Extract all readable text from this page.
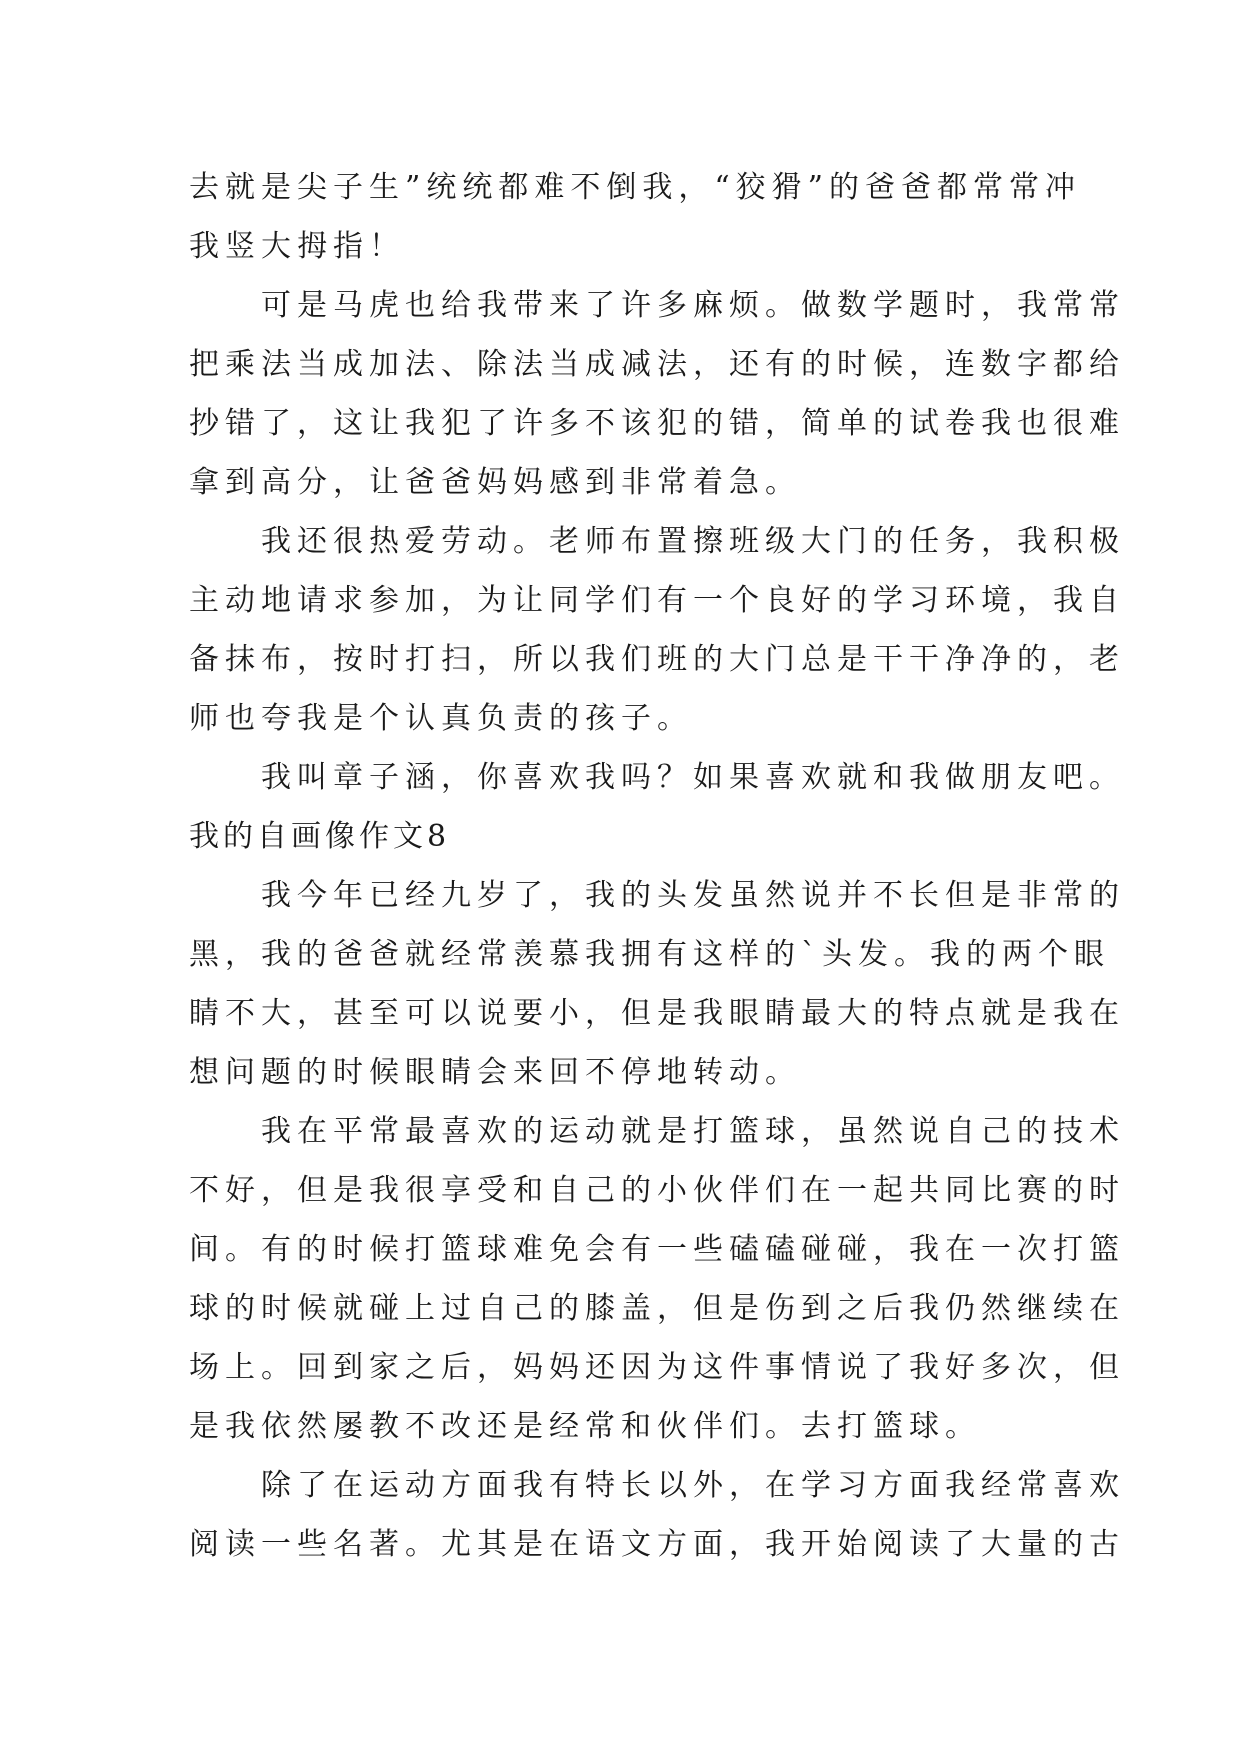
去就是尖子生”统统都难不倒我，“狡猾”的爸爸都常常冲
我竖大拇指！
可是马虎也给我带来了许多麻烦。做数学题时，我常常
把乘法当成加法、除法当成减法，还有的时候，连数字都给
抄错了，这让我犯了许多不该犯的错，简单的试卷我也很难
拿到高分，让爸爸妈妈感到非常着急。
我还很热爱劳动。老师布置擦班级大门的任务，我积极
主动地请求参加，为让同学们有一个良好的学习环境，我自
备抹布，按时打扫，所以我们班的大门总是干干净净的，老
师也夸我是个认真负责的孩子。
我叫章子涵，你喜欢我吗？如果喜欢就和我做朋友吧。
我的自画像作文8
我今年已经九岁了，我的头发虽然说并不长但是非常的
黑，我的爸爸就经常羡慕我拥有这样的`头发。我的两个眼
睛不大，甚至可以说要小，但是我眼睛最大的特点就是我在
想问题的时候眼睛会来回不停地转动。
我在平常最喜欢的运动就是打篮球，虽然说自己的技术
不好，但是我很享受和自己的小伙伴们在一起共同比赛的时
间。有的时候打篮球难免会有一些磕磕碰碰，我在一次打篮
球的时候就碰上过自己的膝盖，但是伤到之后我仍然继续在
场上。回到家之后，妈妈还因为这件事情说了我好多次，但
是我依然屡教不改还是经常和伙伴们。去打篮球。
除了在运动方面我有特长以外，在学习方面我经常喜欢
阅读一些名著。尤其是在语文方面，我开始阅读了大量的古
